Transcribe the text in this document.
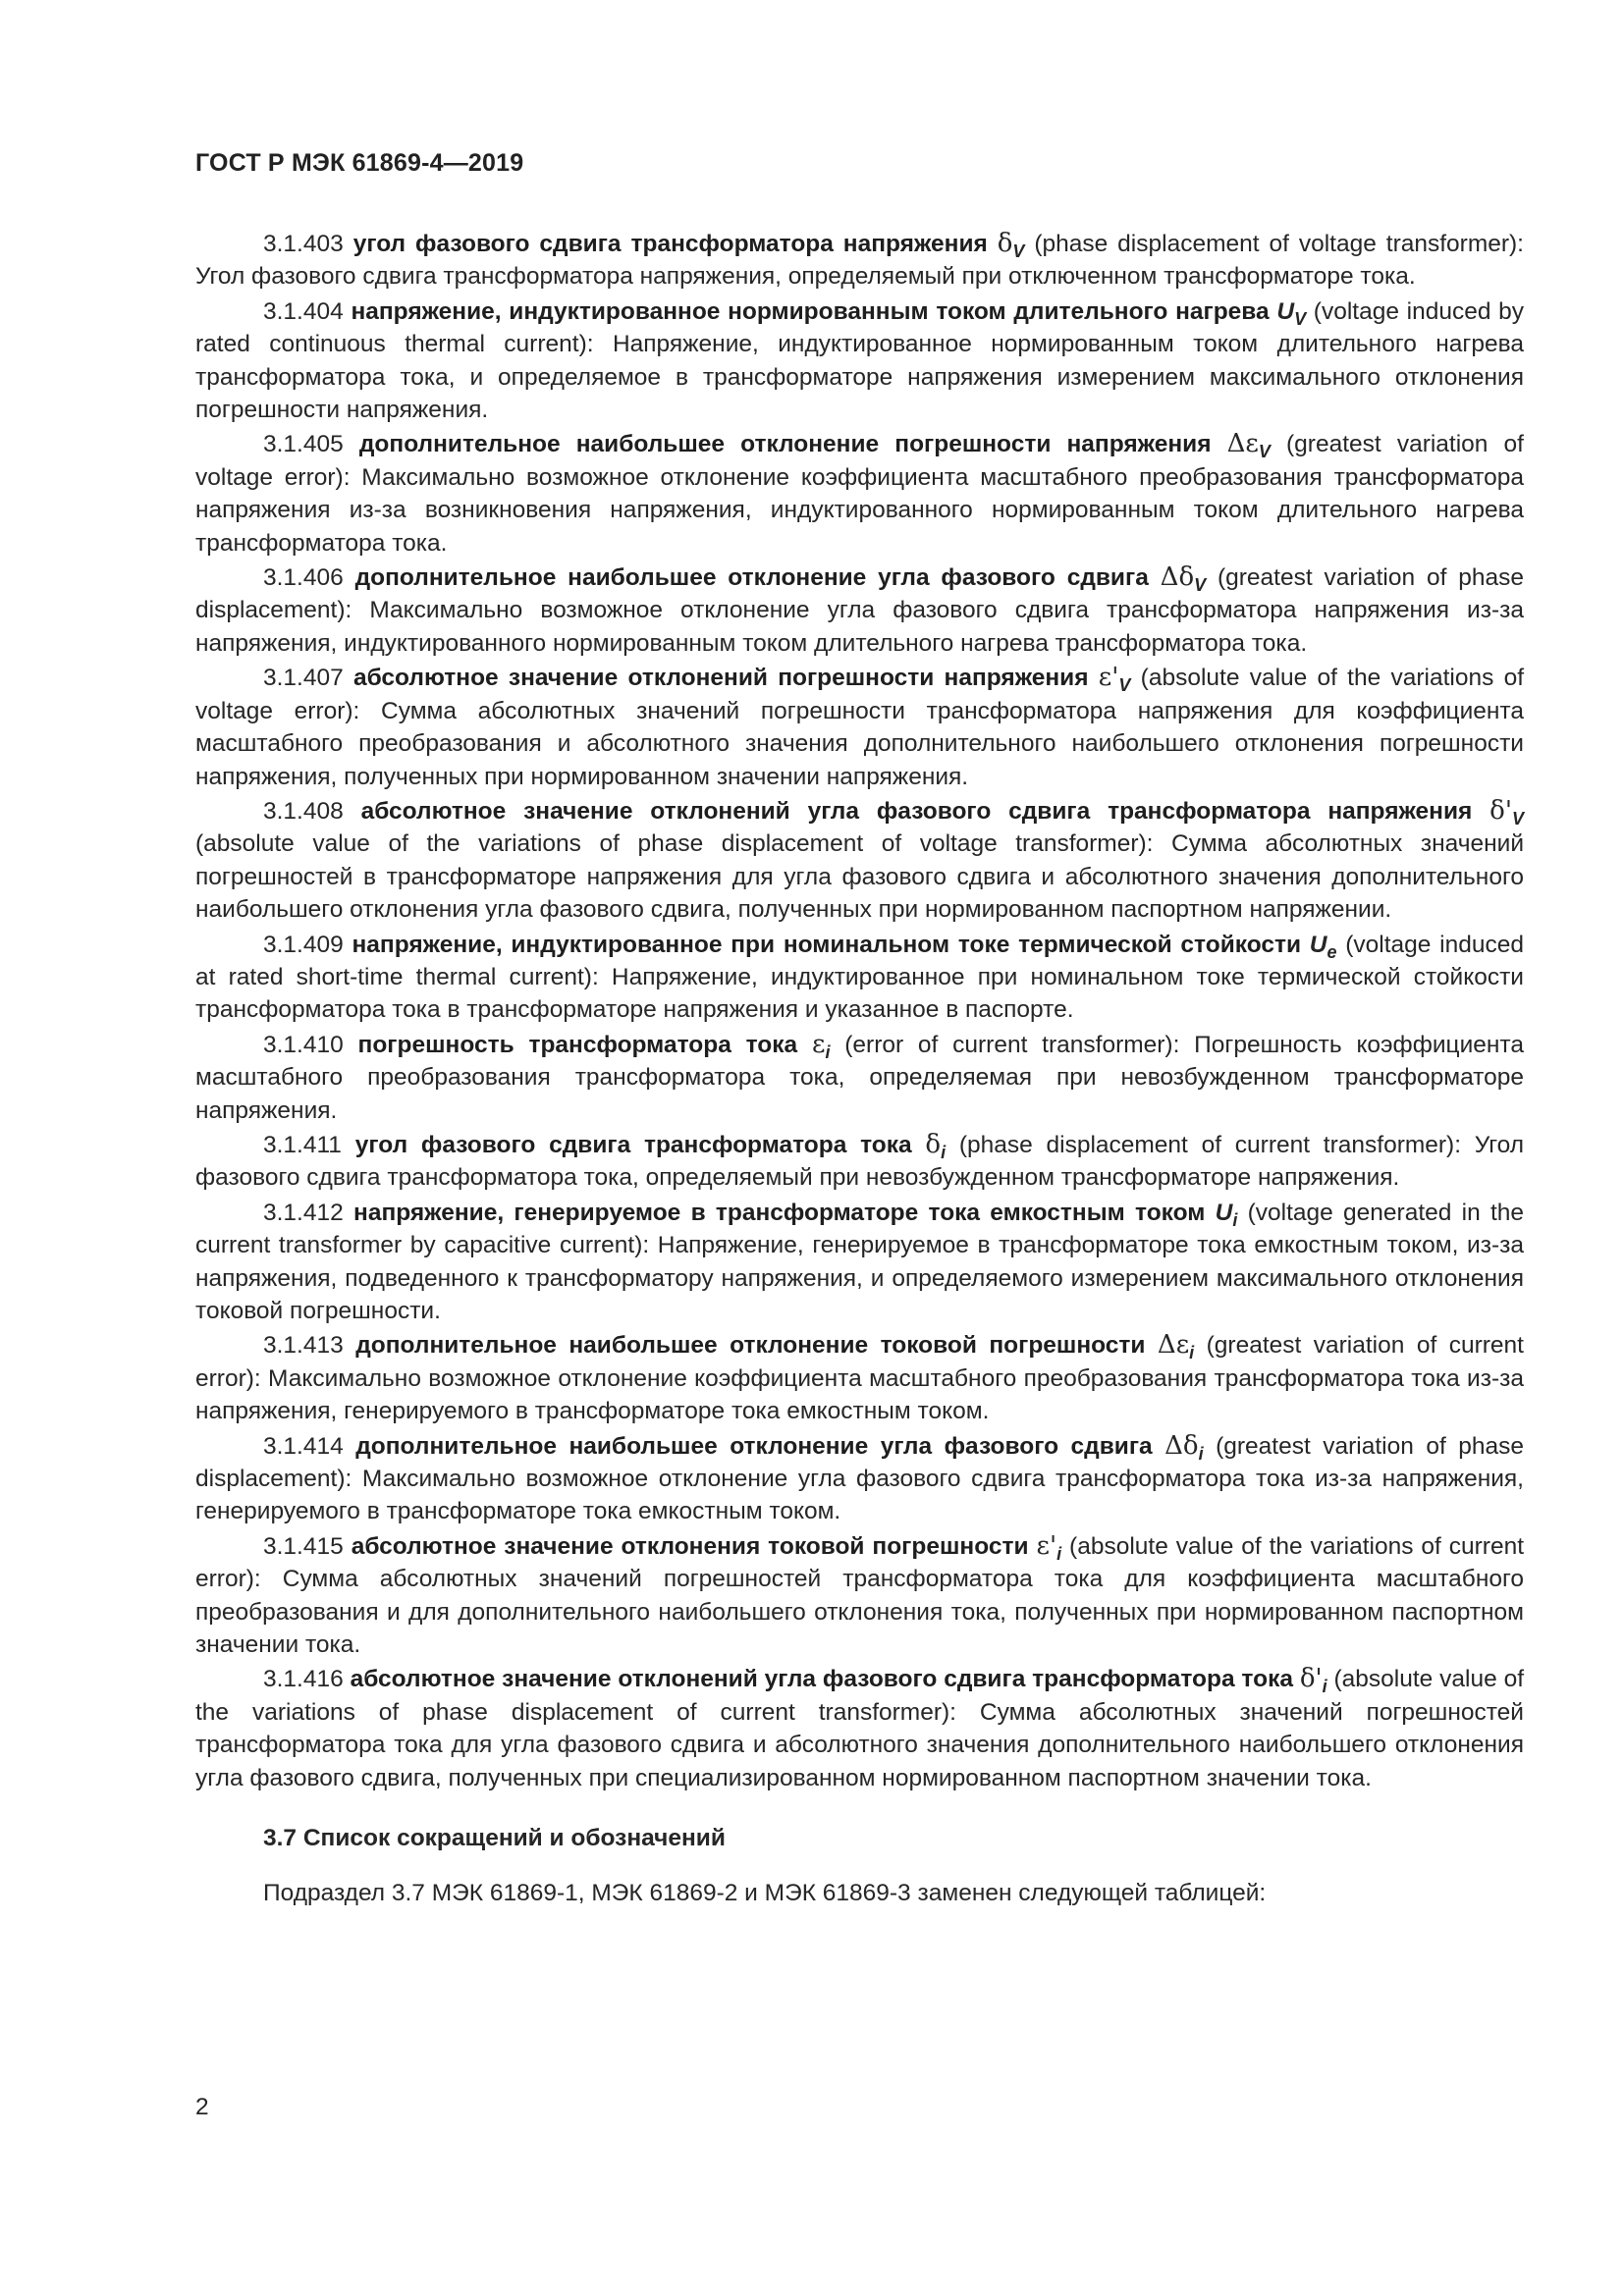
ГОСТ Р МЭК 61869-4—2019

3.1.403 угол фазового сдвига трансформатора напряжения $\delta_V$ (phase displacement of voltage transformer): Угол фазового сдвига трансформатора напряжения, определяемый при отключенном трансформаторе тока.

3.1.404 напряжение, индуктированное нормированным током длительного нагрева $U_V$ (voltage induced by rated continuous thermal current): Напряжение, индуктированное нормированным током длительного нагрева трансформатора тока, и определяемое в трансформаторе напряжения измерением максимального отклонения погрешности напряжения.

3.1.405 дополнительное наибольшее отклонение погрешности напряжения $\Delta\varepsilon_V$ (greatest variation of voltage error): Максимально возможное отклонение коэффициента масштабного преобразования трансформатора напряжения из-за возникновения напряжения, индуктированного нормированным током длительного нагрева трансформатора тока.

3.1.406 дополнительное наибольшее отклонение угла фазового сдвига $\Delta\delta_V$ (greatest variation of phase displacement): Максимально возможное отклонение угла фазового сдвига трансформатора напряжения из-за напряжения, индуктированного нормированным током длительного нагрева трансформатора тока.

3.1.407 абсолютное значение отклонений погрешности напряжения $\varepsilon'_V$ (absolute value of the variations of voltage error): Сумма абсолютных значений погрешности трансформатора напряжения для коэффициента масштабного преобразования и абсолютного значения дополнительного наибольшего отклонения погрешности напряжения, полученных при нормированном значении напряжения.

3.1.408 абсолютное значение отклонений угла фазового сдвига трансформатора напряжения $\delta'_V$ (absolute value of the variations of phase displacement of voltage transformer): Сумма абсолютных значений погрешностей в трансформаторе напряжения для угла фазового сдвига и абсолютного значения дополнительного наибольшего отклонения угла фазового сдвига, полученных при нормированном паспортном напряжении.

3.1.409 напряжение, индуктированное при номинальном токе термической стойкости $U_e$ (voltage induced at rated short-time thermal current): Напряжение, индуктированное при номинальном токе термической стойкости трансформатора тока в трансформаторе напряжения и указанное в паспорте.

3.1.410 погрешность трансформатора тока $\varepsilon_i$ (error of current transformer): Погрешность коэффициента масштабного преобразования трансформатора тока, определяемая при невозбужденном трансформаторе напряжения.

3.1.411 угол фазового сдвига трансформатора тока $\delta_i$ (phase displacement of current transformer): Угол фазового сдвига трансформатора тока, определяемый при невозбужденном трансформаторе напряжения.

3.1.412 напряжение, генерируемое в трансформаторе тока емкостным током $U_i$ (voltage generated in the current transformer by capacitive current): Напряжение, генерируемое в трансформаторе тока емкостным током, из-за напряжения, подведенного к трансформатору напряжения, и определяемого измерением максимального отклонения токовой погрешности.

3.1.413 дополнительное наибольшее отклонение токовой погрешности $\Delta\varepsilon_i$ (greatest variation of current error): Максимально возможное отклонение коэффициента масштабного преобразования трансформатора тока из-за напряжения, генерируемого в трансформаторе тока емкостным током.

3.1.414 дополнительное наибольшее отклонение угла фазового сдвига $\Delta\delta_i$ (greatest variation of phase displacement): Максимально возможное отклонение угла фазового сдвига трансформатора тока из-за напряжения, генерируемого в трансформаторе тока емкостным током.

3.1.415 абсолютное значение отклонения токовой погрешности $\varepsilon'_i$ (absolute value of the variations of current error): Сумма абсолютных значений погрешностей трансформатора тока для коэффициента масштабного преобразования и для дополнительного наибольшего отклонения тока, полученных при нормированном паспортном значении тока.

3.1.416 абсолютное значение отклонений угла фазового сдвига трансформатора тока $\delta'_i$ (absolute value of the variations of phase displacement of current transformer): Сумма абсолютных значений погрешностей трансформатора тока для угла фазового сдвига и абсолютного значения дополнительного наибольшего отклонения угла фазового сдвига, полученных при специализированном нормированном паспортном значении тока.

3.7 Список сокращений и обозначений

Подраздел 3.7 МЭК 61869-1, МЭК 61869-2 и МЭК 61869-3 заменен следующей таблицей:

2
